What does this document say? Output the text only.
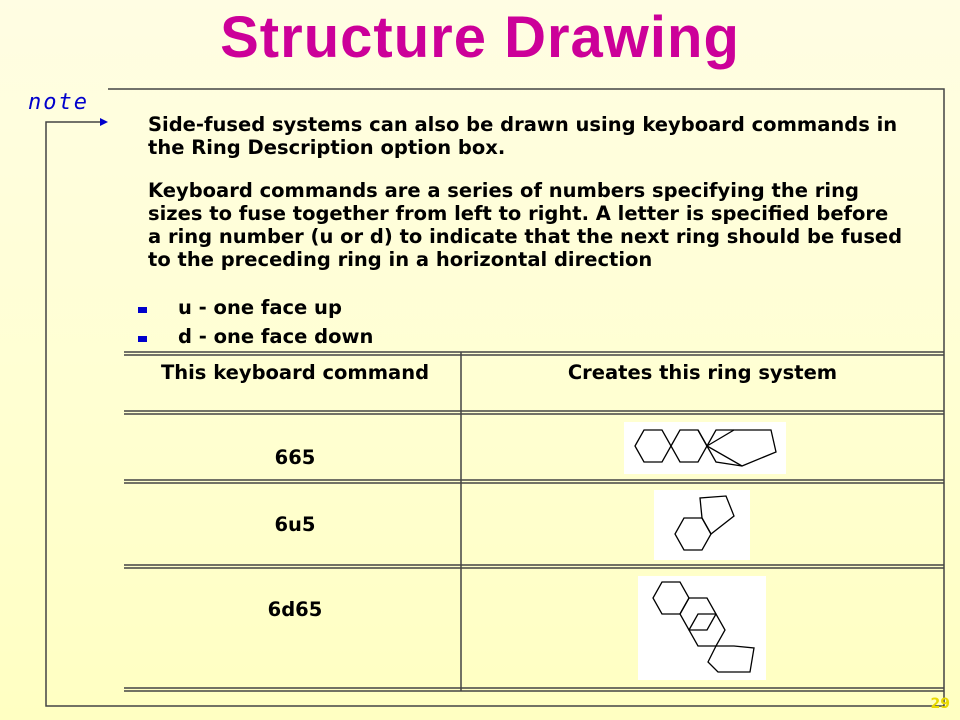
Structure Drawing
note
Side-fused systems can also be drawn using keyboard commands in the Ring Description option box.
Keyboard commands are a series of numbers specifying the ring sizes to fuse together from left to right. A letter is specified before a ring number (u or d) to indicate that the next ring should be fused to the preceding ring in a horizontal direction
u - one face up
d - one face down
This keyboard command	Creates this ring system
665
6u5
6d65
29
